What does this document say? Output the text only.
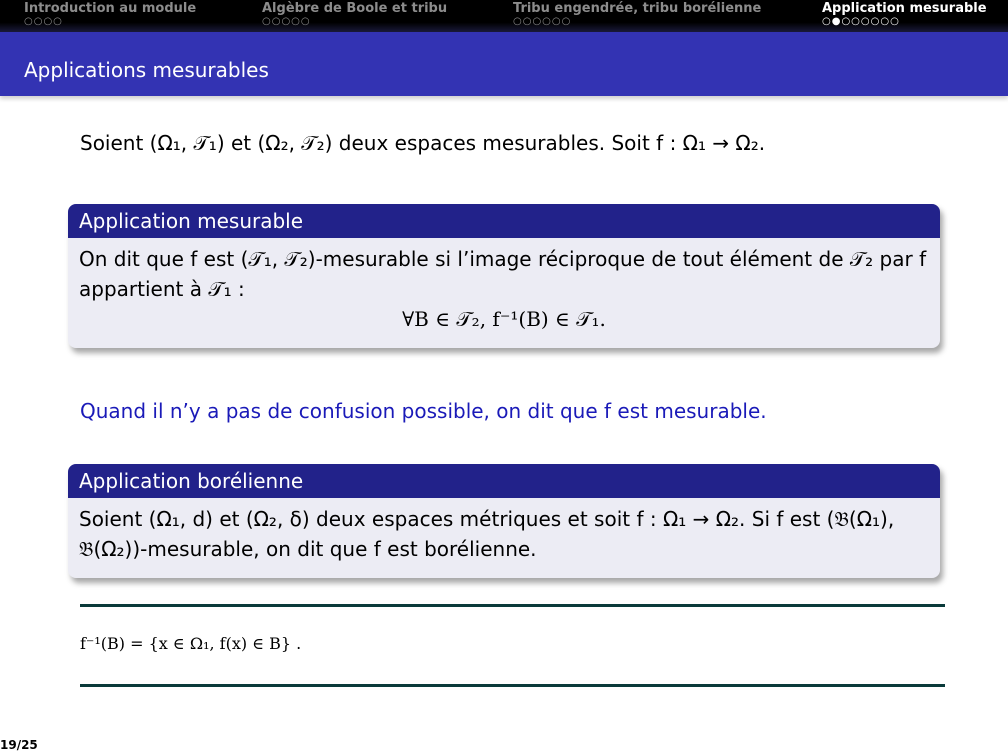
Introduction au module
○○○○
Algèbre de Boole et tribu
○○○○○
Tribu engendrée, tribu borélienne
○○○○○○
Application mesurable
○●○○○○○○
Applications mesurables
Soient (Ω₁, 𝒯₁) et (Ω₂, 𝒯₂) deux espaces mesurables. Soit f : Ω₁ → Ω₂.
Application mesurable
On dit que f est (𝒯₁, 𝒯₂)-mesurable si l’image réciproque de tout élément de 𝒯₂ par f appartient à 𝒯₁ :
∀B ∈ 𝒯₂, f⁻¹(B) ∈ 𝒯₁.
Quand il n’y a pas de confusion possible, on dit que f est mesurable.
Application borélienne
Soient (Ω₁, d) et (Ω₂, δ) deux espaces métriques et soit f : Ω₁ → Ω₂. Si f est (𝔅(Ω₁), 𝔅(Ω₂))-mesurable, on dit que f est borélienne.
f⁻¹(B) = {x ∈ Ω₁, f(x) ∈ B} .
19/25
